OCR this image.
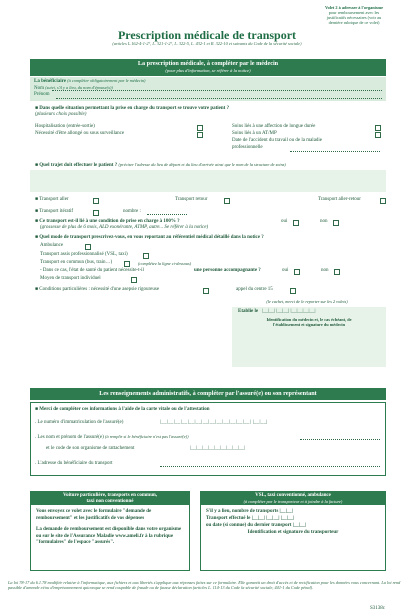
Volet 2 à adresser à l'organisme
pour remboursement avec les
justificatifs nécessaires (voir au
dernière rubrique de ce volet)
Prescription médicale de transport
(articles L.162-4-1-2°, L. 321-1-2°, L. 322-5, L. 432-1 et R. 322-10 et suivants du Code de la sécurité sociale)
La prescription médicale, à compléter par le médecin
(pour plus d'information, se référer à la notice)
La bénéficiaire (à compléter obligatoirement par le médecin)
Nom (suivi, s'il y a lieu, du nom d'épouse(x))
Prénom
■ Dans quelle situation permettant la prise en charge du transport se trouve votre patient ?
(plusieurs choix possible)
Hospitalisation (entrée-sortie)
Nécessité d'être allongé ou sous surveillance
Soins liés à une affection de longue durée
Soins liés à un AT/MP
Date de l'accident du travail ou de la maladie
professionnelle
■ Quel trajet doit effectuer le patient ? (préciser l'adresse du lieu de départ et du lieu d'arrivée ainsi que le nom de la structure de soins)
■ Transport aller	Transport retour	Transport aller-retour
■ Transport itératif	nombre :
■ Ce transport est-il lié à une condition de prise en charge à 100% ?
(grossesse de plus de 6 mois, ALD exonérante, ATMP, autre... Se référer à la notice)
oui	non
■ Quel mode de transport prescrivez-vous, en vous reportant au référentiel médical détaillé dans la notice ?
Ambulance
Transport assis professionnalisé (VSL, taxi)
Transport en commun (bus, train…)	(complétez la ligne ci-dessous)
- Dans ce cas, l'état de santé du patient nécessite-t-il	une personne accompagnante ?	oui	non
Moyen de transport individuel
■ Conditions particulières : nécessité d'une asepsie rigoureuse	appel du centre 15
(le cachet, merci de le reporter sur les 2 volets)
Etablie le |__|__| |__|__| |__|__|__|__|
Identification du médecin et, le cas échéant, de
l'établissement et signature du médecin
Les renseignements administratifs, à compléter par l'assuré(e) ou son représentant
■ Merci de compléter ces informations à l'aide de la carte vitale ou de l'attestation
. Le numéro d'immatriculation de l'assuré(e)	|__|__|__|__|__|__|__|__|__|__|__|__|__| |__|__|
. Les nom et prénom de l'assuré(e) (à remplir si le bénéficiaire n'est pas l'assuré(e))
et le code de son organisme de rattachement	|__|__|__|__|__|__|__|__|__|
. L'adresse du bénéficiaire du transport
Voiture particulière, transports en commun,
taxi non conventionné
Vous envoyez ce volet avec le formulaire "demande de remboursement" et les justificatifs de vos dépenses
La demande de remboursement est disponible dans votre organisme ou sur le site de l'Assurance Maladie www.ameli.fr à la rubrique "formulaires" de l'espace "assurés".
VSL, taxi conventionné, ambulance
(à compléter par le transporteur et à joindre à la facture)
S'il y a lieu, nombre de transports |__|__|
Transport effectué le |__|__| |__|__| |__|__|
ou date (si connue) du dernier transport |__|__|
Identification et signature du transporteur
La loi 78-17 du 6.1.78 modifiée relative à l'informatique, aux fichiers et aux libertés s'applique aux réponses faites sur ce formulaire. Elle garantit un droit d'accès et de rectification pour les données vous concernant. La loi rend passible d'amende et/ou d'emprisonnement quiconque se rend coupable de fraude ou de fausse déclaration (articles L. 114-13 du Code la sécurité sociale, 441-1 du Code pénal).
S3138c
